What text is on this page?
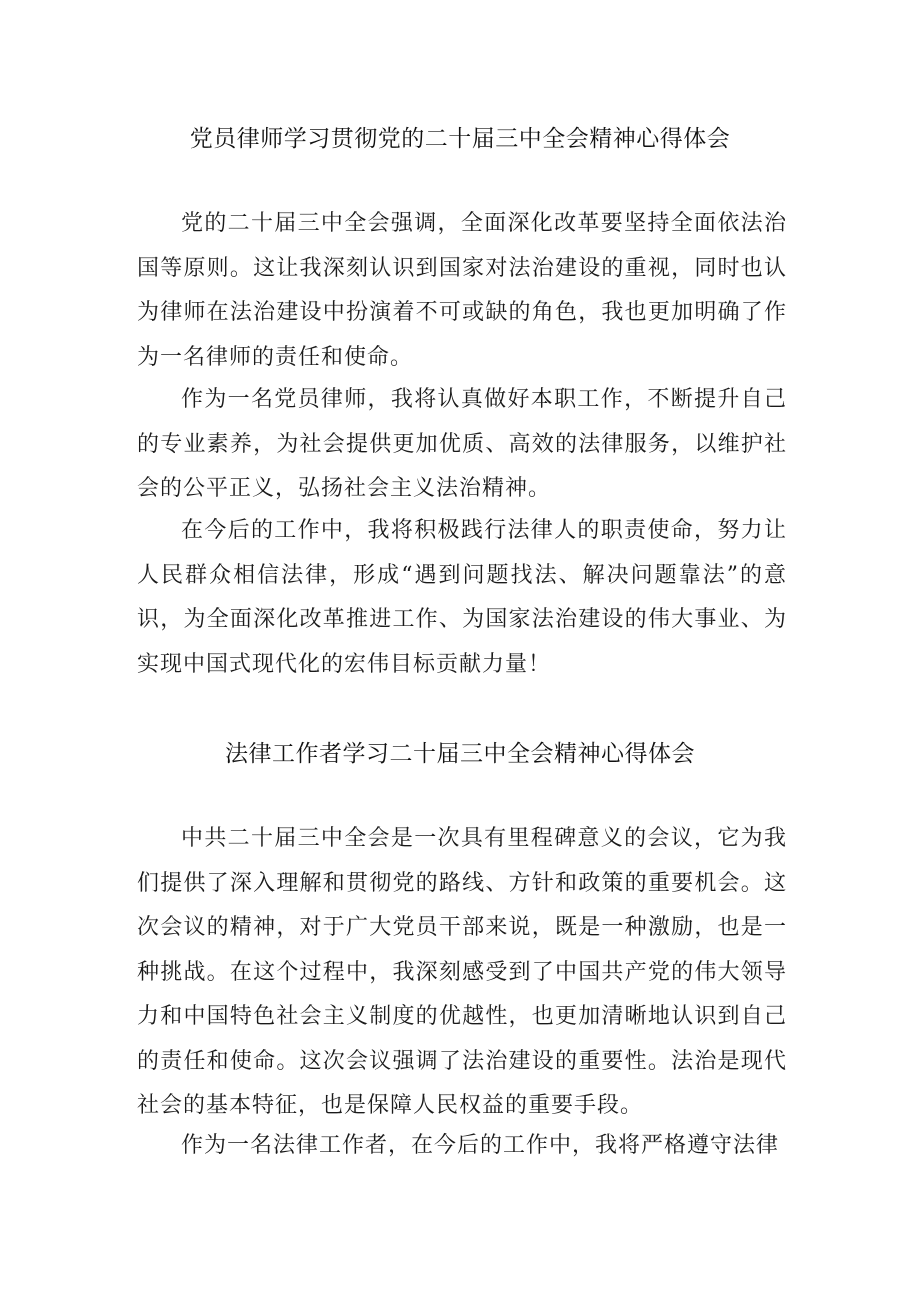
党员律师学习贯彻党的二十届三中全会精神心得体会

党的二十届三中全会强调，全面深化改革要坚持全面依法治国等原则。这让我深刻认识到国家对法治建设的重视，同时也认为律师在法治建设中扮演着不可或缺的角色，我也更加明确了作为一名律师的责任和使命。

作为一名党员律师，我将认真做好本职工作，不断提升自己的专业素养，为社会提供更加优质、高效的法律服务，以维护社会的公平正义，弘扬社会主义法治精神。

在今后的工作中，我将积极践行法律人的职责使命，努力让人民群众相信法律，形成“遇到问题找法、解决问题靠法”的意识，为全面深化改革推进工作、为国家法治建设的伟大事业、为实现中国式现代化的宏伟目标贡献力量！

法律工作者学习二十届三中全会精神心得体会

中共二十届三中全会是一次具有里程碑意义的会议，它为我们提供了深入理解和贯彻党的路线、方针和政策的重要机会。这次会议的精神，对于广大党员干部来说，既是一种激励，也是一种挑战。在这个过程中，我深刻感受到了中国共产党的伟大领导力和中国特色社会主义制度的优越性，也更加清晰地认识到自己的责任和使命。这次会议强调了法治建设的重要性。法治是现代社会的基本特征，也是保障人民权益的重要手段。

作为一名法律工作者，在今后的工作中，我将严格遵守法律
